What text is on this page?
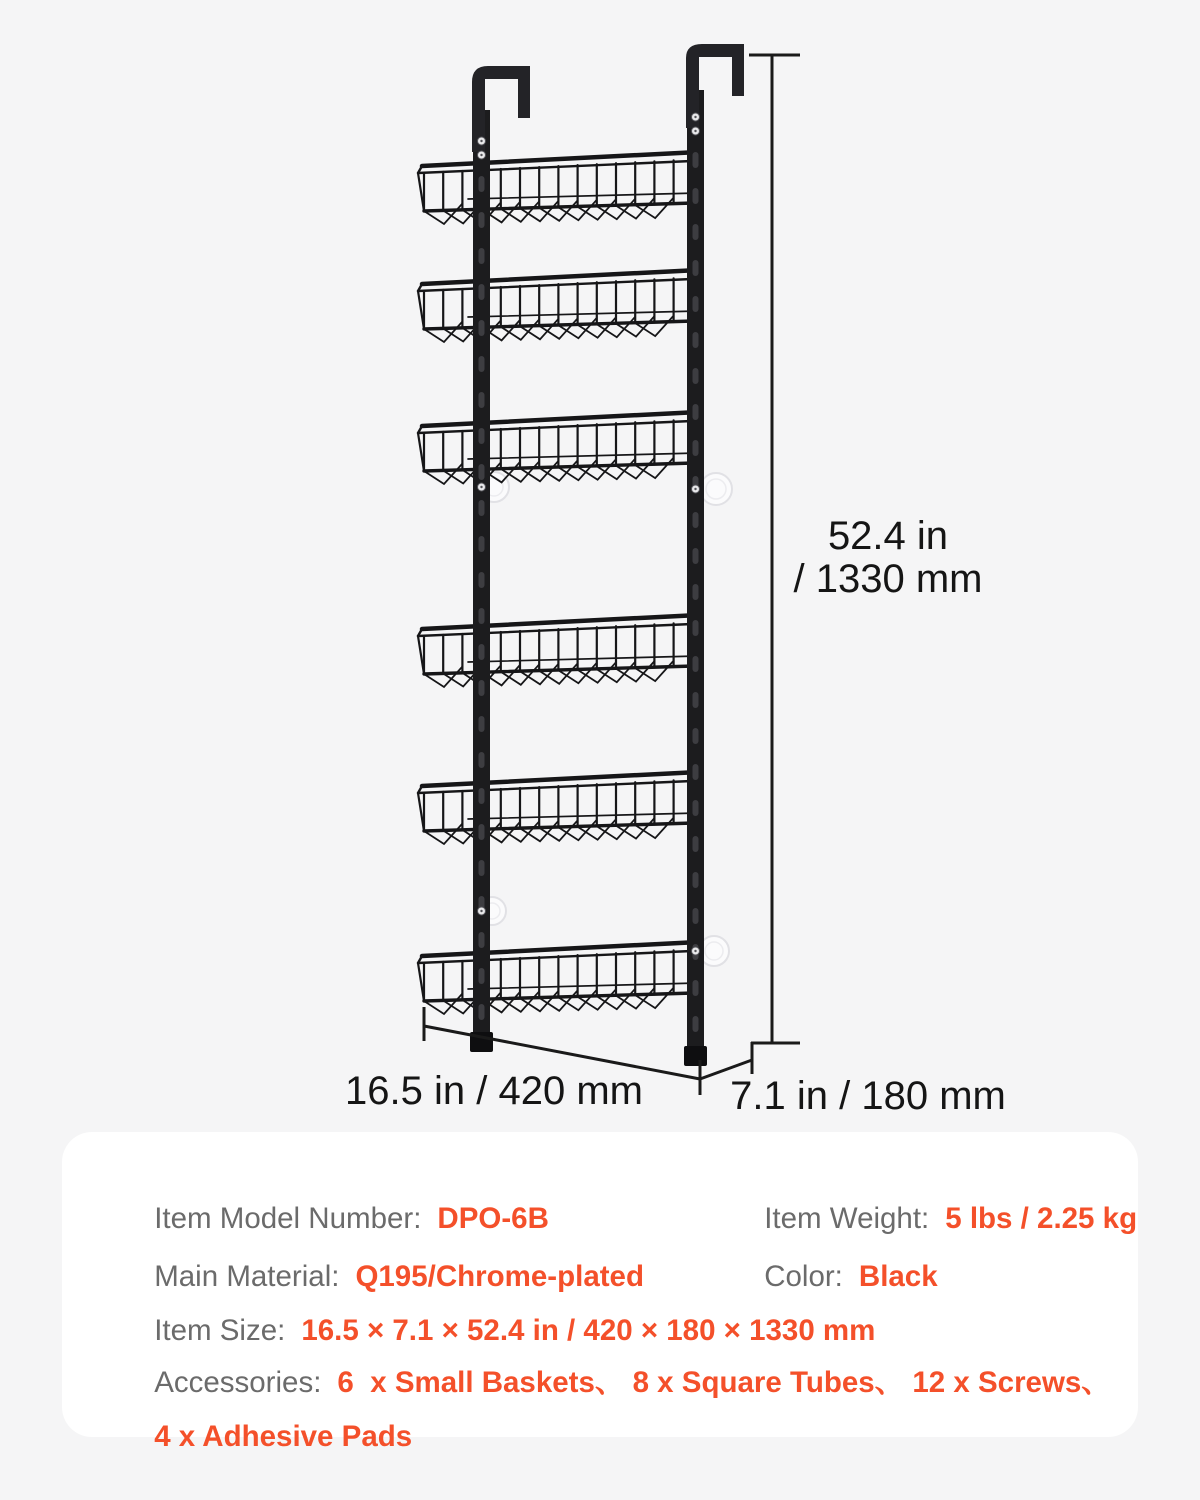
52.4 in
/ 1330 mm
16.5 in / 420 mm 7.1 in / 180 mm

Item Model Number: DPO-6B
	Item Weight: 5 lbs / 2.25 kg

Main Material: Q195/Chrome-plated
	Color: Black

Item Size: 16.5 × 7.1 × 52.4 in / 420 × 180 × 1330 mm

Accessories: 6  x Small Baskets、 8 x Square Tubes、 12 x Screws、

4 x Adhesive Pads
